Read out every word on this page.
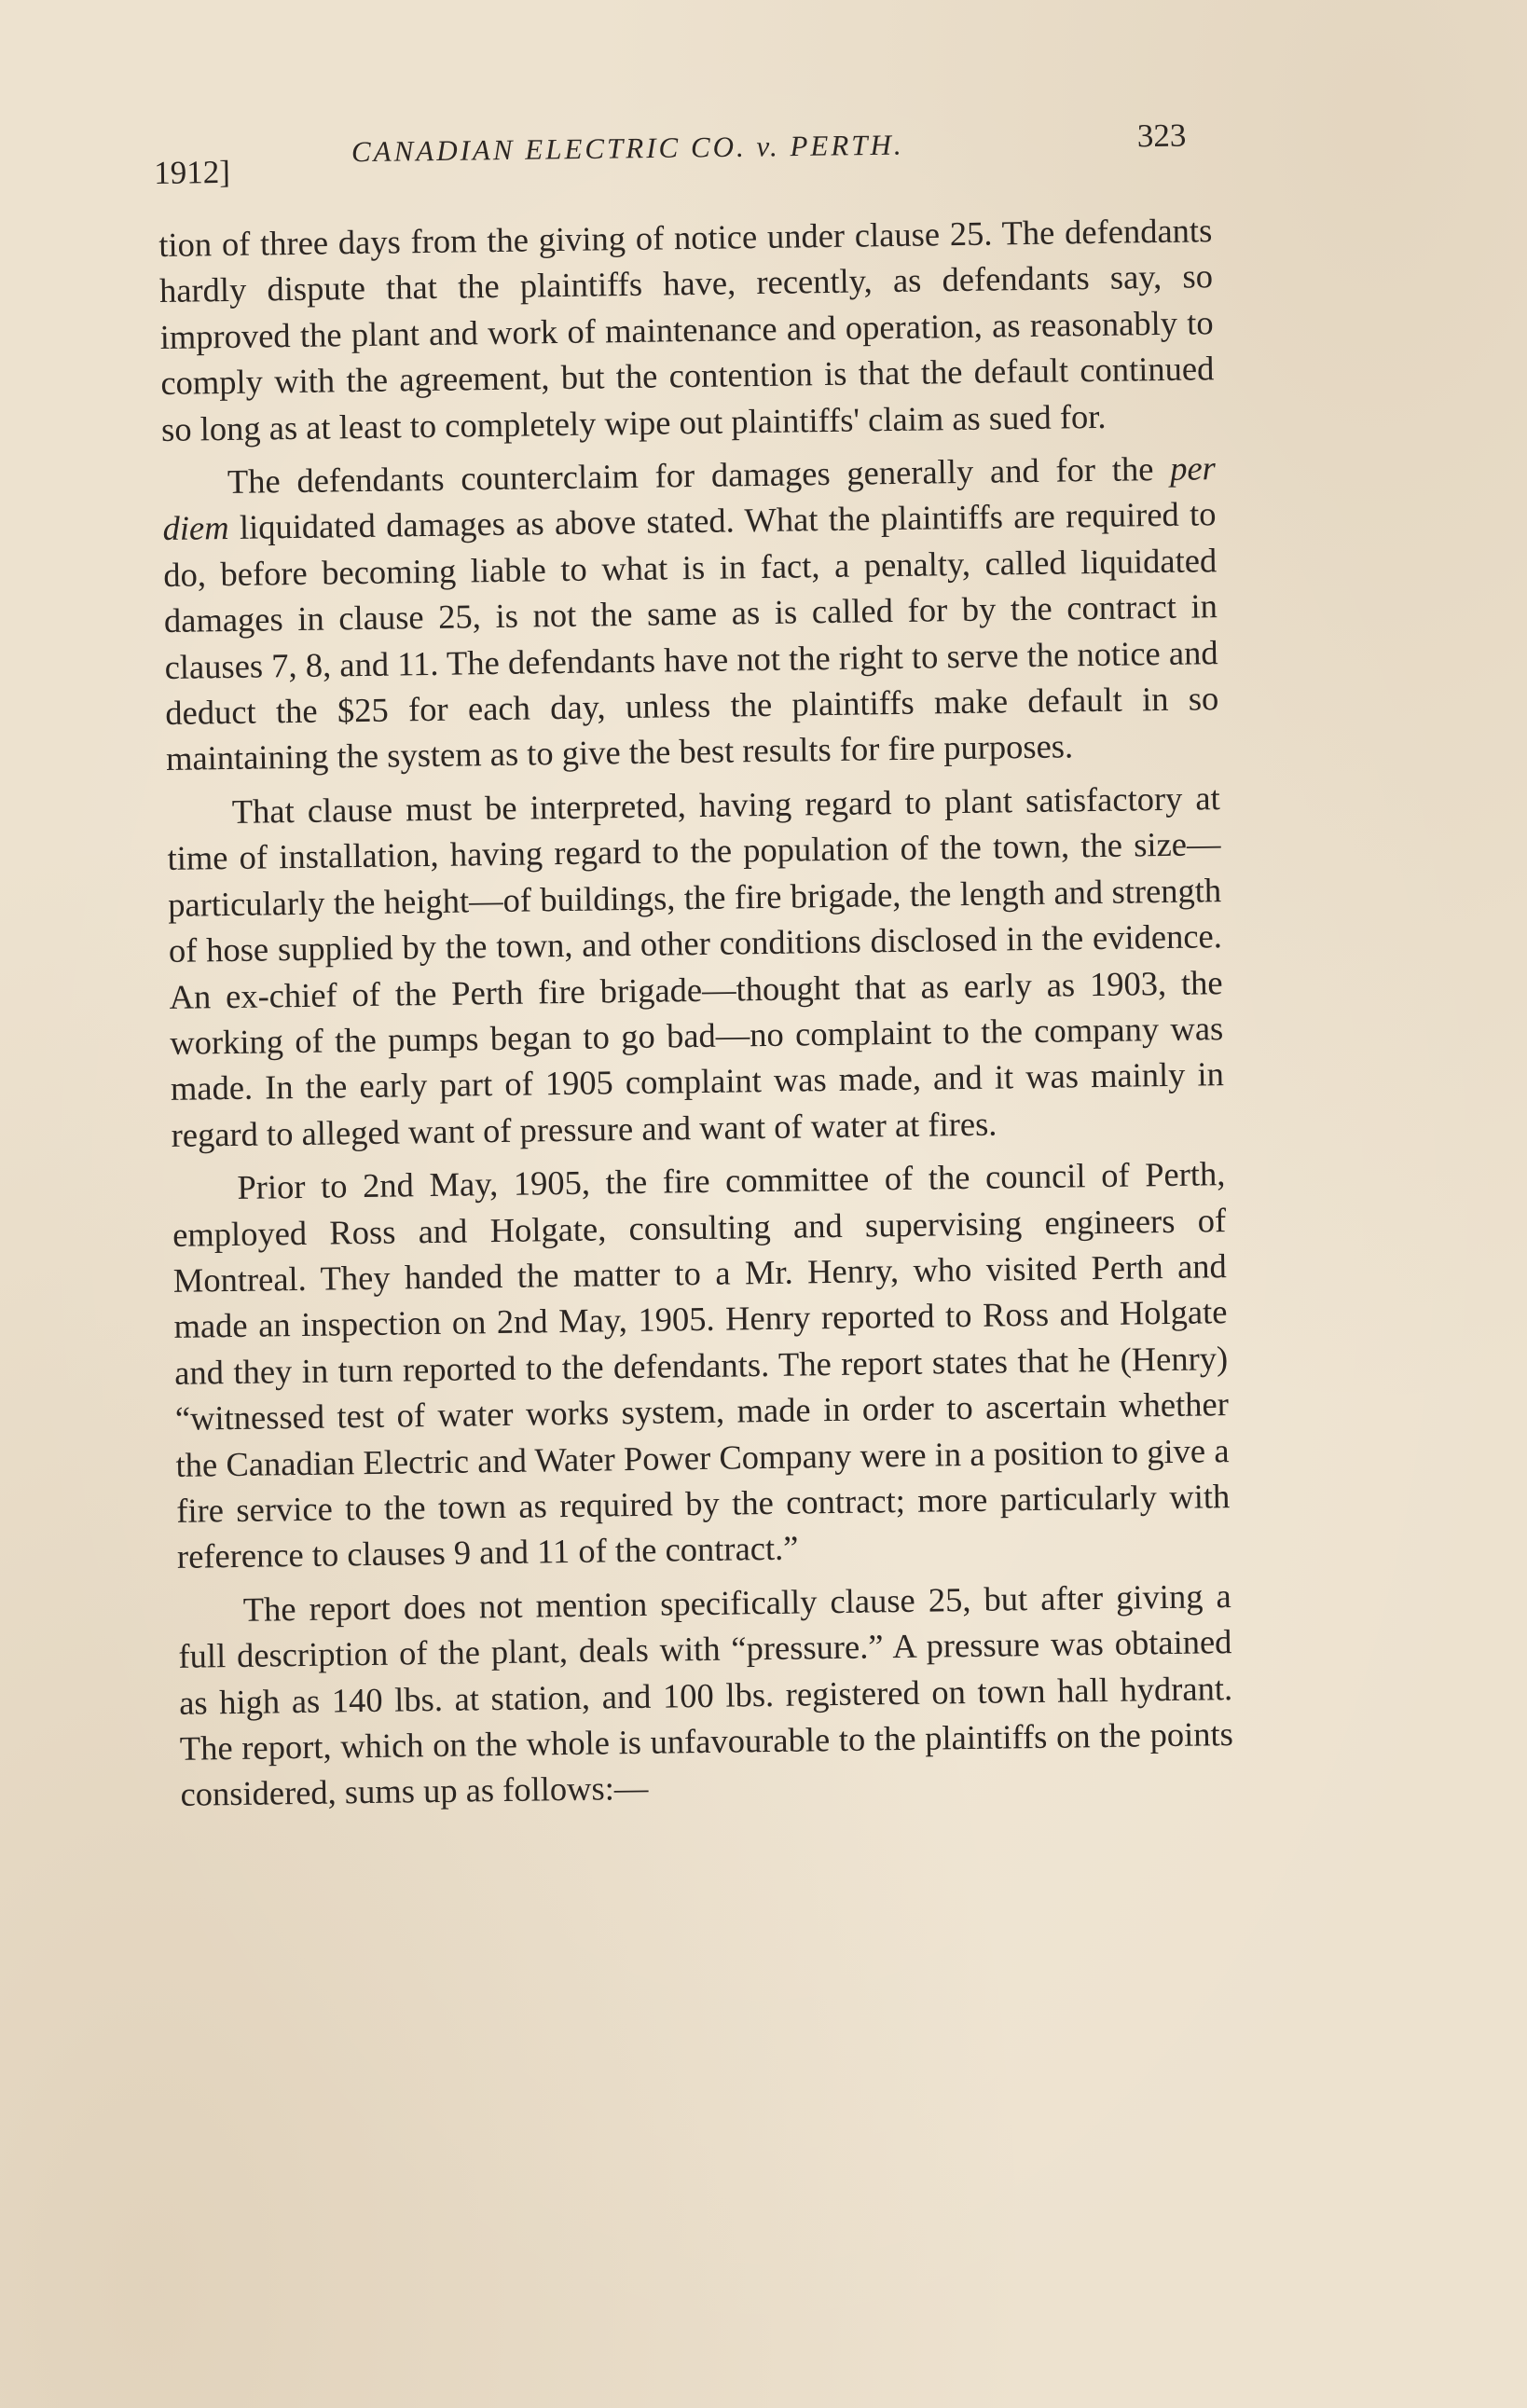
1912]
CANADIAN ELECTRIC CO. v. PERTH.	323

tion of three days from the giving of notice under clause 25. The defendants hardly dispute that the plaintiffs have, recently, as defendants say, so improved the plant and work of maintenance and operation, as reasonably to comply with the agreement, but the contention is that the default continued so long as at least to completely wipe out plaintiffs' claim as sued for.

The defendants counterclaim for damages generally and for the per diem liquidated damages as above stated. What the plaintiffs are required to do, before becoming liable to what is in fact, a penalty, called liquidated damages in clause 25, is not the same as is called for by the contract in clauses 7, 8, and 11. The defendants have not the right to serve the notice and deduct the $25 for each day, unless the plaintiffs make default in so maintaining the system as to give the best results for fire purposes.

That clause must be interpreted, having regard to plant satisfactory at time of installation, having regard to the population of the town, the size—particularly the height—of buildings, the fire brigade, the length and strength of hose supplied by the town, and other conditions disclosed in the evidence. An ex-chief of the Perth fire brigade—thought that as early as 1903, the working of the pumps began to go bad—no complaint to the company was made. In the early part of 1905 complaint was made, and it was mainly in regard to alleged want of pressure and want of water at fires.

Prior to 2nd May, 1905, the fire committee of the council of Perth, employed Ross and Holgate, consulting and supervising engineers of Montreal. They handed the matter to a Mr. Henry, who visited Perth and made an inspection on 2nd May, 1905. Henry reported to Ross and Holgate and they in turn reported to the defendants. The report states that he (Henry) “witnessed test of water works system, made in order to ascertain whether the Canadian Electric and Water Power Company were in a position to give a fire service to the town as required by the contract; more particularly with reference to clauses 9 and 11 of the contract.”

The report does not mention specifically clause 25, but after giving a full description of the plant, deals with “pressure.” A pressure was obtained as high as 140 lbs. at station, and 100 lbs. registered on town hall hydrant. The report, which on the whole is unfavourable to the plaintiffs on the points considered, sums up as follows:—
